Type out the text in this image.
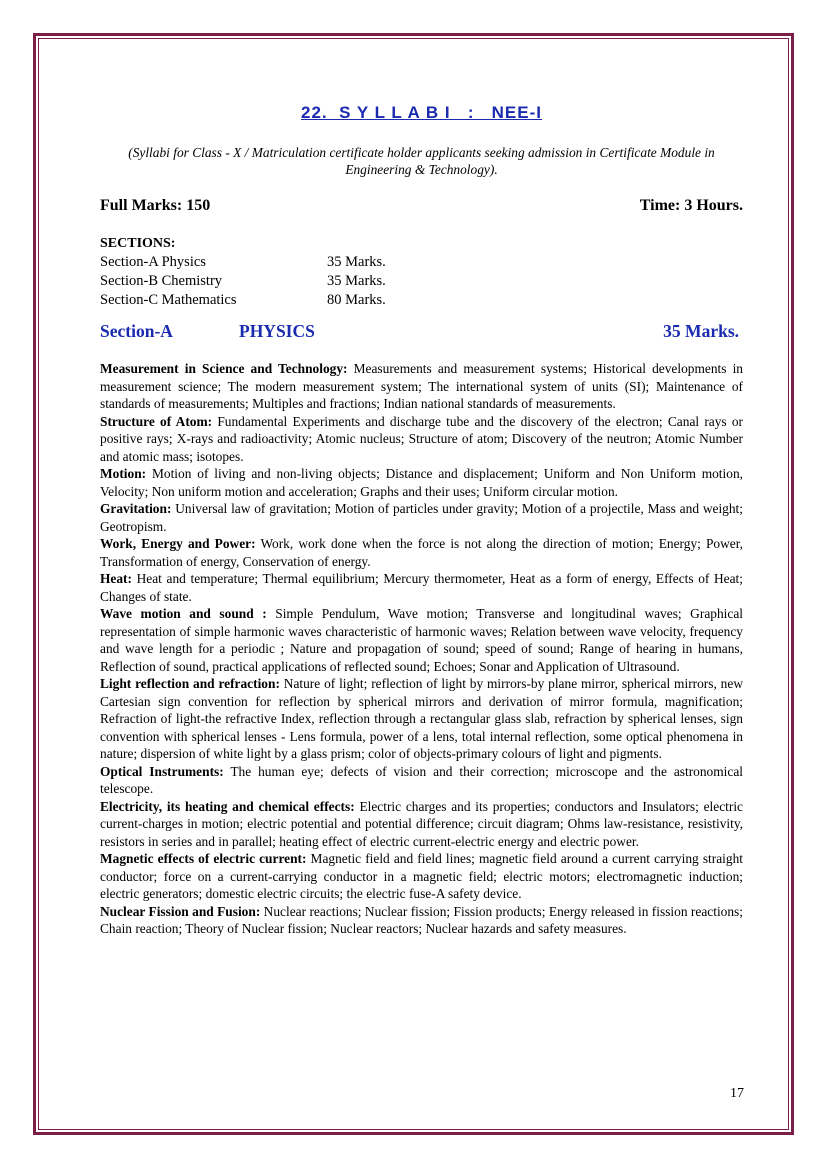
22.  S Y L L A B I   :   NEE-I
(Syllabi for Class - X / Matriculation certificate holder applicants seeking admission in Certificate Module in Engineering & Technology).
Full Marks: 150	Time: 3 Hours.
SECTIONS:
Section-A Physics	35 Marks.
Section-B Chemistry	35 Marks.
Section-C Mathematics	80 Marks.
Section-A	PHYSICS	35 Marks.

Measurement in Science and Technology: Measurements and measurement systems; Historical developments in measurement science; The modern measurement system; The international system of units (SI); Maintenance of standards of measurements; Multiples and fractions; Indian national standards of measurements.

Structure of Atom: Fundamental Experiments and discharge tube and the discovery of the electron; Canal rays or positive rays; X-rays and radioactivity; Atomic nucleus; Structure of atom; Discovery of the neutron; Atomic Number and atomic mass; isotopes.

Motion: Motion of living and non-living objects; Distance and displacement; Uniform and Non Uniform motion, Velocity; Non uniform motion and acceleration; Graphs and their uses; Uniform circular motion.

Gravitation: Universal law of gravitation; Motion of particles under gravity; Motion of a projectile, Mass and weight; Geotropism.

Work, Energy and Power: Work, work done when the force is not along the direction of motion; Energy; Power, Transformation of energy, Conservation of energy.

Heat: Heat and temperature; Thermal equilibrium; Mercury thermometer, Heat as a form of energy, Effects of Heat; Changes of state.

Wave motion and sound : Simple Pendulum, Wave motion; Transverse and longitudinal waves; Graphical representation of simple harmonic waves characteristic of harmonic waves; Relation between wave velocity, frequency and wave length for a periodic ; Nature and propagation of sound; speed of sound; Range of hearing in humans, Reflection of sound, practical applications of reflected sound; Echoes; Sonar and Application of Ultrasound.

Light reflection and refraction: Nature of light; reflection of light by mirrors-by plane mirror, spherical mirrors, new Cartesian sign convention for reflection by spherical mirrors and derivation of mirror formula, magnification; Refraction of light-the refractive Index, reflection through a rectangular glass slab, refraction by spherical lenses, sign convention with spherical lenses - Lens formula, power of a lens, total internal reflection, some optical phenomena in nature; dispersion of white light by a glass prism; color of objects-primary colours of light and pigments.

Optical Instruments: The human eye; defects of vision and their correction; microscope and the astronomical telescope.

Electricity, its heating and chemical effects: Electric charges and its properties; conductors and Insulators; electric current-charges in motion; electric potential and potential difference; circuit diagram; Ohms law-resistance, resistivity, resistors in series and in parallel; heating effect of electric current-electric energy and electric power.

Magnetic effects of electric current: Magnetic field and field lines; magnetic field around a current carrying straight conductor; force on a current-carrying conductor in a magnetic field; electric motors; electromagnetic induction; electric generators; domestic electric circuits; the electric fuse-A safety device.

Nuclear Fission and Fusion: Nuclear reactions; Nuclear fission; Fission products; Energy released in fission reactions; Chain reaction; Theory of Nuclear fission; Nuclear reactors; Nuclear hazards and safety measures.

17
